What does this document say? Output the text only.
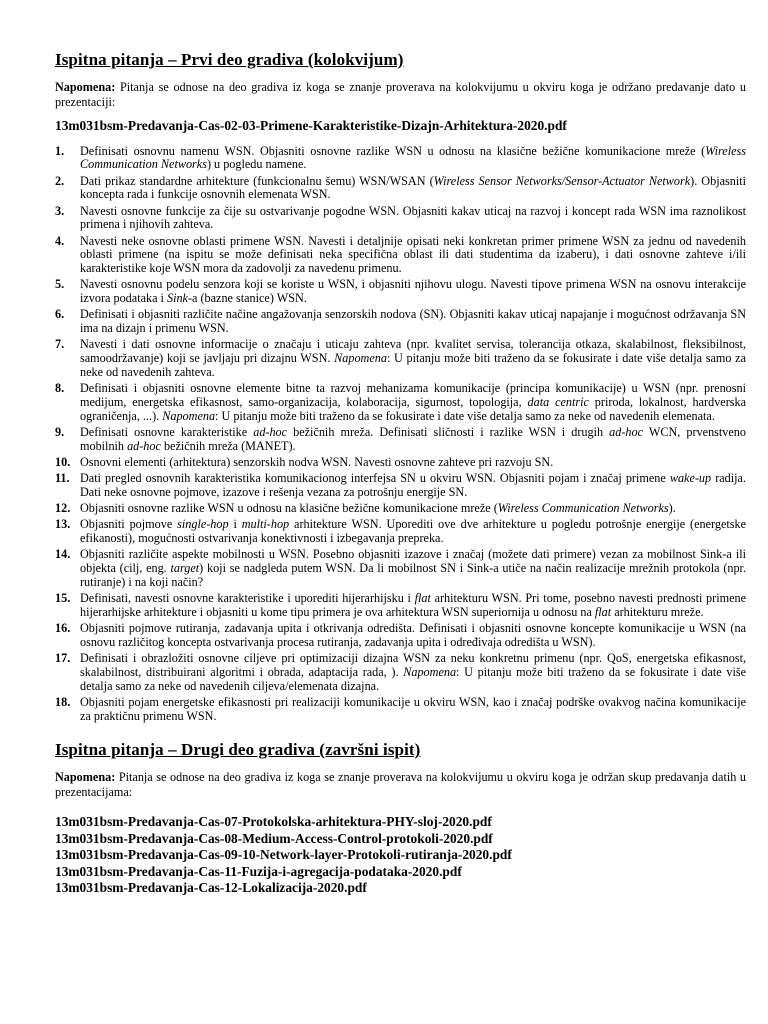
Ispitna pitanja – Prvi deo gradiva (kolokvijum)

Napomena: Pitanja se odnose na deo gradiva iz koga se znanje proverava na kolokvijumu u okviru koga je održano predavanje dato u prezentaciji:

13m031bsm-Predavanja-Cas-02-03-Primene-Karakteristike-Dizajn-Arhitektura-2020.pdf

1. Definisati osnovnu namenu WSN. Objasniti osnovne razlike WSN u odnosu na klasične bežične komunikacione mreže (Wireless Communication Networks) u pogledu namene.
2. Dati prikaz standardne arhitekture (funkcionalnu šemu) WSN/WSAN (Wireless Sensor Networks/Sensor-Actuator Network). Objasniti koncepta rada i funkcije osnovnih elemenata WSN.
3. Navesti osnovne funkcije za čije su ostvarivanje pogodne WSN. Objasniti kakav uticaj na razvoj i koncept rada WSN ima raznolikost primena i njihovih zahteva.
4. Navesti neke osnovne oblasti primene WSN. Navesti i detaljnije opisati neki konkretan primer primene WSN za jednu od navedenih oblasti primene (na ispitu se može definisati neka specifična oblast ili dati studentima da izaberu), i dati osnovne zahteve i/ili karakteristike koje WSN mora da zadovolji za navedenu primenu.
5. Navesti osnovnu podelu senzora koji se koriste u WSN, i objasniti njihovu ulogu. Navesti tipove primena WSN na osnovu interakcije izvora podataka i Sink-a (bazne stanice) WSN.
6. Definisati i objasniti različite načine angažovanja senzorskih nodova (SN). Objasniti kakav uticaj napajanje i mogućnost održavanja SN ima na dizajn i primenu WSN.
7. Navesti i dati osnovne informacije o značaju i uticaju zahteva (npr. kvalitet servisa, tolerancija otkaza, skalabilnost, fleksibilnost, samoodržavanje) koji se javljaju pri dizajnu WSN. Napomena: U pitanju može biti traženo da se fokusirate i date više detalja samo za neke od navedenih zahteva.
8. Definisati i objasniti osnovne elemente bitne ta razvoj mehanizama komunikacije (principa komunikacije) u WSN (npr. prenosni medijum, energetska efikasnost, samo-organizacija, kolaboracija, sigurnost, topologija, data centric priroda, lokalnost, hardverska ograničenja, ...). Napomena: U pitanju može biti traženo da se fokusirate i date više detalja samo za neke od navedenih elemenata.
9. Definisati osnovne karakteristike ad-hoc bežičnih mreža. Definisati sličnosti i razlike WSN i drugih ad-hoc WCN, prvenstveno mobilnih ad-hoc bežičnih mreža (MANET).
10. Osnovni elementi (arhitektura) senzorskih nodva WSN. Navesti osnovne zahteve pri razvoju SN.
11. Dati pregled osnovnih karakteristika komunikacionog interfejsa SN u okviru WSN. Objasniti pojam i značaj primene wake-up radija. Dati neke osnovne pojmove, izazove i rešenja vezana za potrošnju energije SN.
12. Objasniti osnovne razlike WSN u odnosu na klasične bežične komunikacione mreže (Wireless Communication Networks).
13. Objasniti pojmove single-hop i multi-hop arhitekture WSN. Uporediti ove dve arhitekture u pogledu potrošnje energije (energetske efikanosti), mogućnosti ostvarivanja konektivnosti i izbegavanja prepreka.
14. Objasniti različite aspekte mobilnosti u WSN. Posebno objasniti izazove i značaj (možete dati primere) vezan za mobilnost Sink-a ili objekta (cilj, eng. target) koji se nadgleda putem WSN. Da li mobilnost SN i Sink-a utiče na način realizacije mrežnih protokola (npr. rutiranje) i na koji način?
15. Definisati, navesti osnovne karakteristike i uporediti hijerarhijsku i flat arhitekturu WSN. Pri tome, posebno navesti prednosti primene hijerarhijske arhitekture i objasniti u kome tipu primera je ova arhitektura WSN superiornija u odnosu na flat arhitekturu mreže.
16. Objasniti pojmove rutiranja, zadavanja upita i otkrivanja odredišta. Definisati i objasniti osnovne koncepte komunikacije u WSN (na osnovu različitog koncepta ostvarivanja procesa rutiranja, zadavanja upita i određivaja odredišta u WSN).
17. Definisati i obrazložiti osnovne ciljeve pri optimizaciji dizajna WSN za neku konkretnu primenu (npr. QoS, energetska efikasnost, skalabilnost, distribuirani algoritmi i obrada, adaptacija rada, ). Napomena: U pitanju može biti traženo da se fokusirate i date više detalja samo za neke od navedenih ciljeva/elemenata dizajna.
18. Objasniti pojam energetske efikasnosti pri realizaciji komunikacije u okviru WSN, kao i značaj podrške ovakvog načina komunikacije za praktičnu primenu WSN.
Ispitna pitanja – Drugi deo gradiva (završni ispit)

Napomena: Pitanja se odnose na deo gradiva iz koga se znanje proverava na kolokvijumu u okviru koga je održan skup predavanja datih u prezentacijama:

13m031bsm-Predavanja-Cas-07-Protokolska-arhitektura-PHY-sloj-2020.pdf

13m031bsm-Predavanja-Cas-08-Medium-Access-Control-protokoli-2020.pdf

13m031bsm-Predavanja-Cas-09-10-Network-layer-Protokoli-rutiranja-2020.pdf

13m031bsm-Predavanja-Cas-11-Fuzija-i-agregacija-podataka-2020.pdf

13m031bsm-Predavanja-Cas-12-Lokalizacija-2020.pdf
